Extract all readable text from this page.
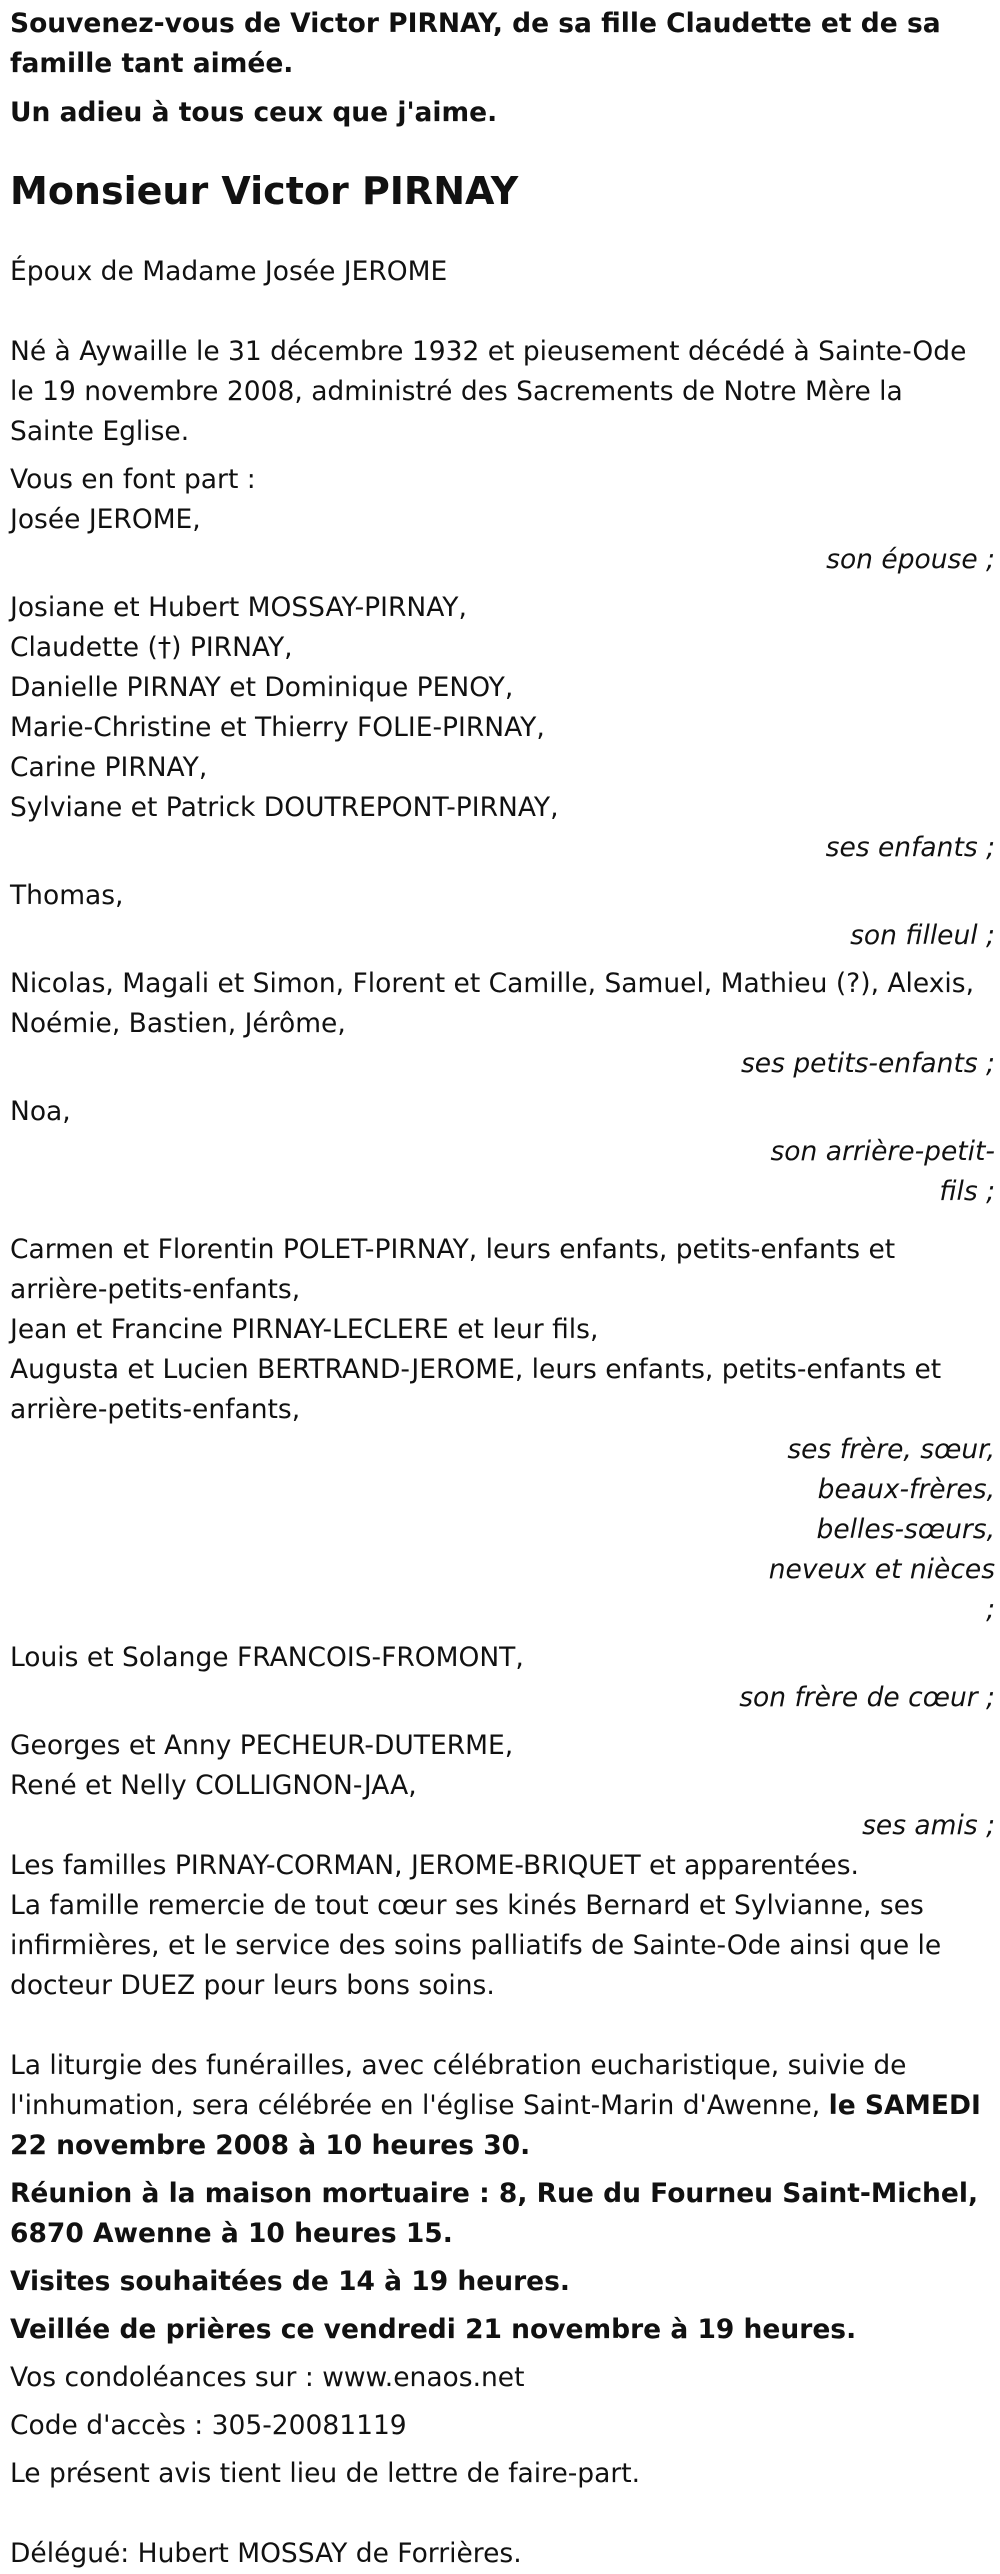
Souvenez-vous de Victor PIRNAY, de sa fille Claudette et de sa famille tant aimée.

Un adieu à tous ceux que j'aime.

Monsieur Victor PIRNAY

Époux de Madame Josée JEROME

Né à Aywaille le 31 décembre 1932 et pieusement décédé à Sainte-Ode le 19 novembre 2008, administré des Sacrements de Notre Mère la Sainte Eglise.

Vous en font part :

Josée JEROME,

son épouse ;

Josiane et Hubert MOSSAY-PIRNAY,

Claudette (†) PIRNAY,

Danielle PIRNAY et Dominique PENOY,

Marie-Christine et Thierry FOLIE-PIRNAY,

Carine PIRNAY,

Sylviane et Patrick DOUTREPONT-PIRNAY,

ses enfants ;

Thomas,

son filleul ;

Nicolas, Magali et Simon, Florent et Camille, Samuel, Mathieu (?), Alexis, Noémie, Bastien, Jérôme,

ses petits-enfants ;

Noa,

son arrière-petit-fils ;

Carmen et Florentin POLET-PIRNAY, leurs enfants, petits-enfants et arrière-petits-enfants,

Jean et Francine PIRNAY-LECLERE et leur fils,

Augusta et Lucien BERTRAND-JEROME, leurs enfants, petits-enfants et arrière-petits-enfants,

ses frère, sœur, beaux-frères, belles-sœurs, neveux et nièces ;

Louis et Solange FRANCOIS-FROMONT,

son frère de cœur ;

Georges et Anny PECHEUR-DUTERME,

René et Nelly COLLIGNON-JAA,

ses amis ;

Les familles PIRNAY-CORMAN, JEROME-BRIQUET et apparentées.

La famille remercie de tout cœur ses kinés Bernard et Sylvianne, ses infirmières, et le service des soins palliatifs de Sainte-Ode ainsi que le docteur DUEZ pour leurs bons soins.

La liturgie des funérailles, avec célébration eucharistique, suivie de l'inhumation, sera célébrée en l'église Saint-Marin d'Awenne, le SAMEDI 22 novembre 2008 à 10 heures 30.

Réunion à la maison mortuaire : 8, Rue du Fourneu Saint-Michel, 6870 Awenne à 10 heures 15.

Visites souhaitées de 14 à 19 heures.

Veillée de prières ce vendredi 21 novembre à 19 heures.

Vos condoléances sur : www.enaos.net

Code d'accès : 305-20081119

Le présent avis tient lieu de lettre de faire-part.

Délégué: Hubert MOSSAY de Forrières.
